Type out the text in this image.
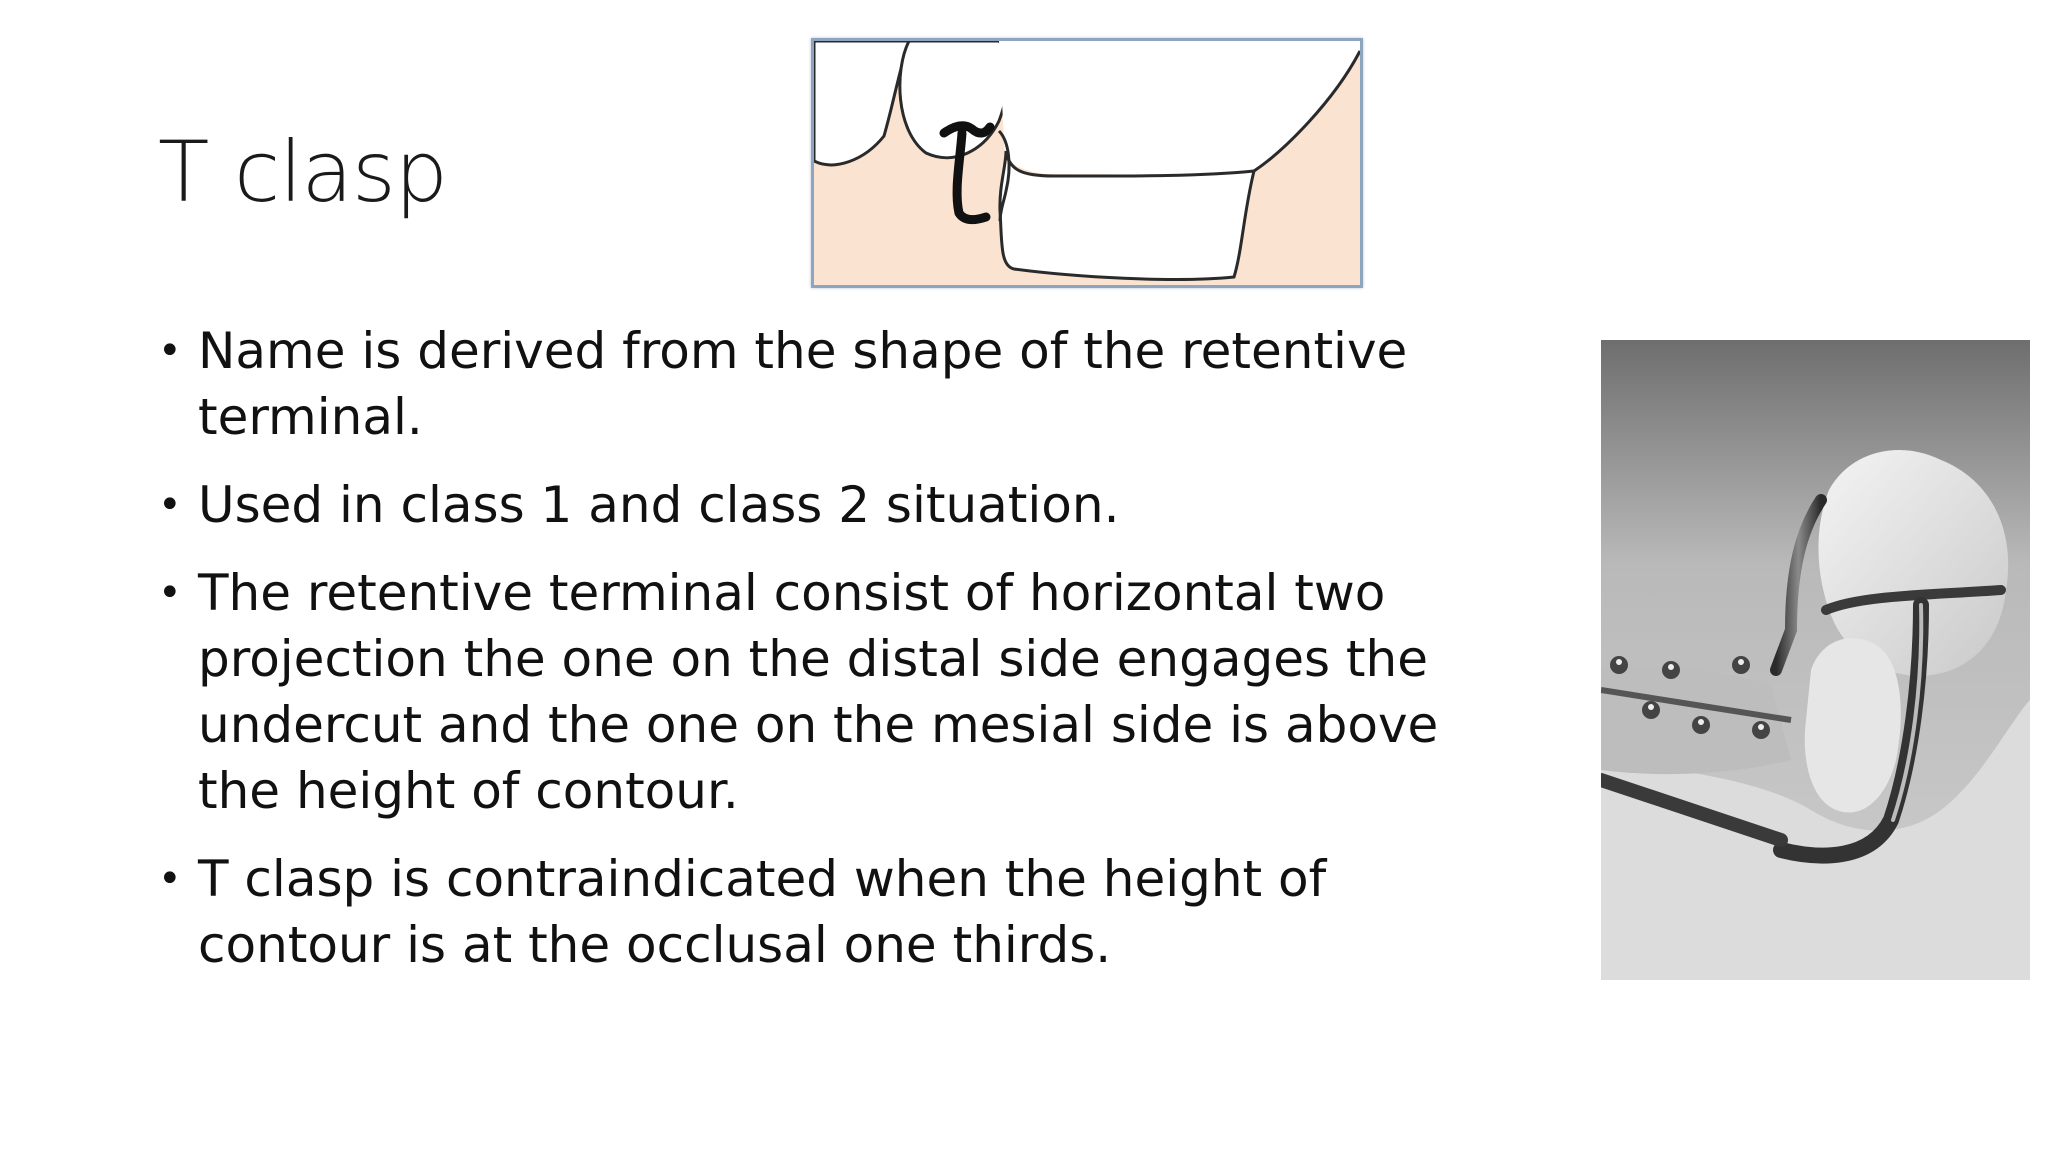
T clasp
• Name is derived from the shape of the retentive terminal.
• Used in class 1 and class 2 situation.
• The retentive terminal consist of horizontal two projection the one on the distal side engages the undercut and the one on the mesial side is above the height of contour.
• T clasp is contraindicated when the height of contour is at the occlusal one thirds.
